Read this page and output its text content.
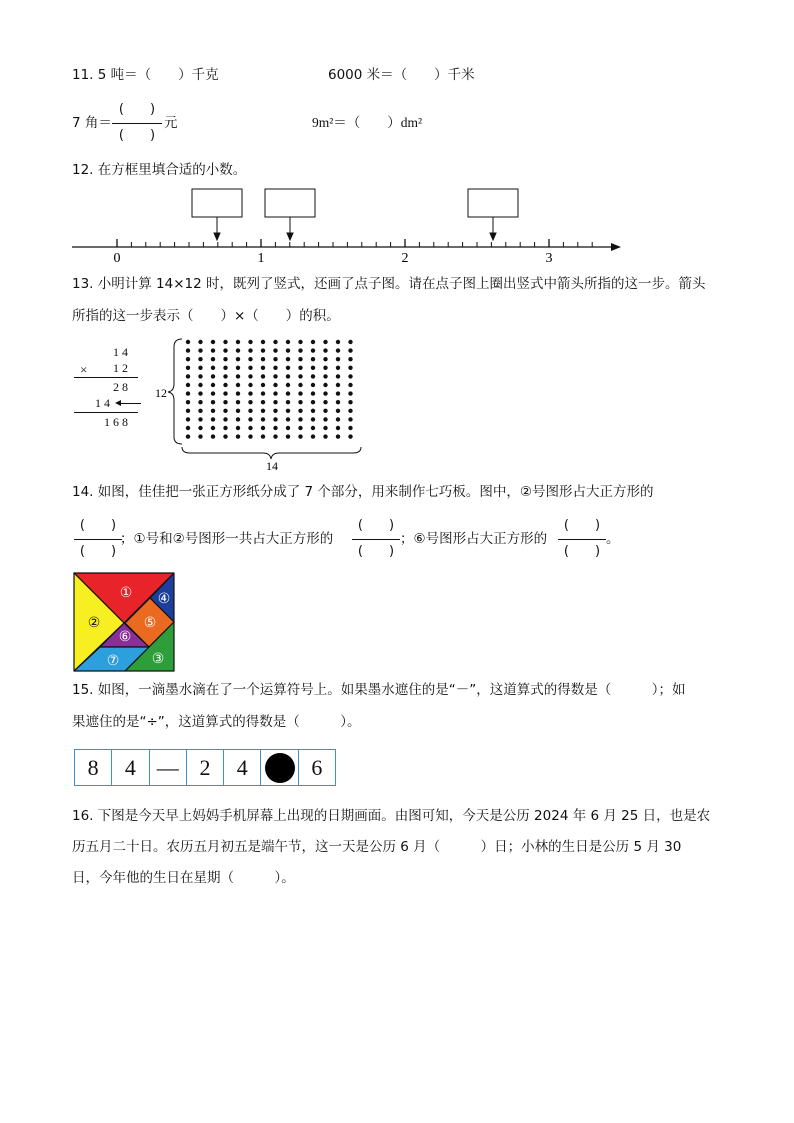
11. 5 吨＝（　　）千克	6000 米＝（　　）千米
7 角＝
(　　)
(　　)
元	9m²＝（　　）dm²
12. 在方框里填合适的小数。
0	1	2	3
13. 小明计算 14×12 时，既列了竖式，还画了点子图。请在点子图上圈出竖式中箭头所指的这一步。箭头
所指的这一步表示（　　）×（　　）的积。
1 4
× 1 2
2 8
1 4
1 6 8
12
14
14. 如图，佳佳把一张正方形纸分成了 7 个部分，用来制作七巧板。图中，②号图形占大正方形的
(　　)
(　　)
；①号和②号图形一共占大正方形的
(　　)
(　　)
；⑥号图形占大正方形的
(　　)
(　　)
。
①
②
④
⑤
⑥
③
⑦
15. 如图，一滴墨水滴在了一个运算符号上。如果墨水遮住的是“－”，这道算式的得数是（　　　）；如
果遮住的是“÷”，这道算式的得数是（　　　）。
8	4 — 2	4	6
16. 下图是今天早上妈妈手机屏幕上出现的日期画面。由图可知，今天是公历 2024 年 6 月 25 日，也是农
历五月二十日。农历五月初五是端午节，这一天是公历 6 月（　　　）日；小林的生日是公历 5 月 30
日，今年他的生日在星期（　　　）。
